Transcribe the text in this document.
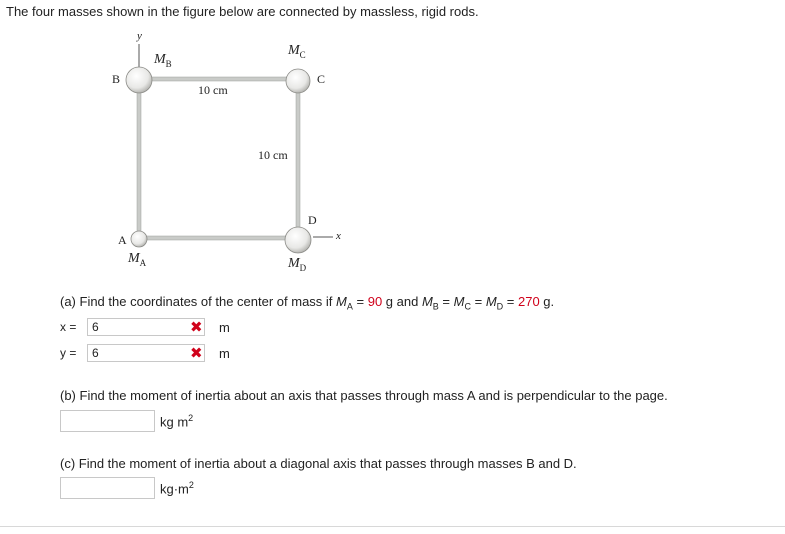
The four masses shown in the figure below are connected by massless, rigid rods.
y
x
B	C
A
D
$M_B$
$M_C$
$M_A$	$M_D$
10 cm
10 cm
(a) Find the coordinates of the center of mass if $M_A = 90$ g and $M_B = M_C = M_D = 270$ g.
x =
6	✖ m
y =
6	✖ m
(b) Find the moment of inertia about an axis that passes through mass A and is perpendicular to the page.
kg $m^2$
(c) Find the moment of inertia about a diagonal axis that passes through masses B and D.
$kg\cdot m^2$
